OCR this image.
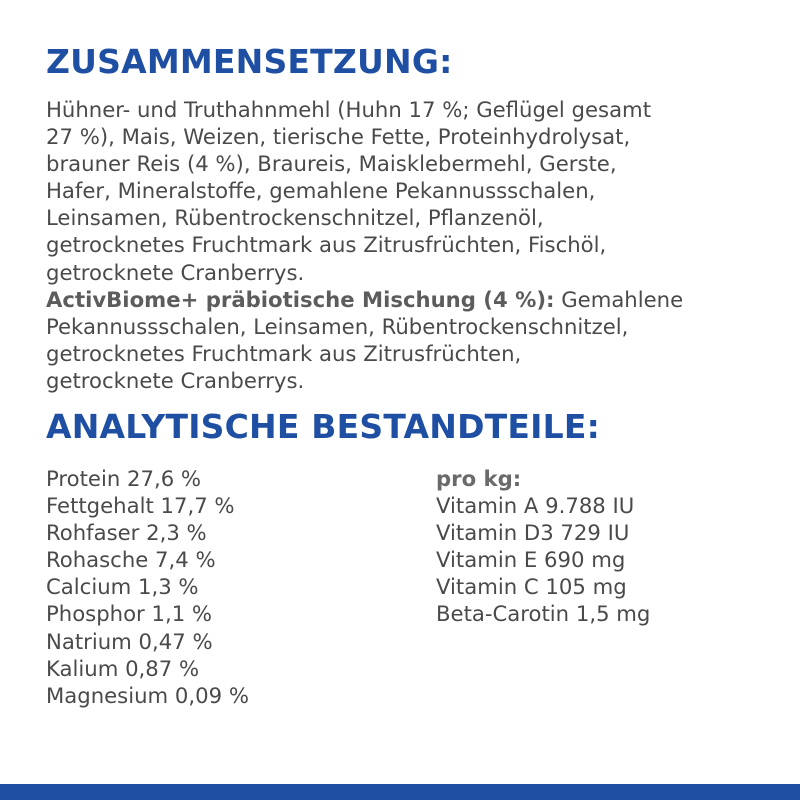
ZUSAMMENSETZUNG:
Hühner- und Truthahnmehl (Huhn 17 %; Geflügel gesamt
27 %), Mais, Weizen, tierische Fette, Proteinhydrolysat,
brauner Reis (4 %), Braureis, Maisklebermehl, Gerste,
Hafer, Mineralstoffe, gemahlene Pekannussschalen,
Leinsamen, Rübentrockenschnitzel, Pflanzenöl,
getrocknetes Fruchtmark aus Zitrusfrüchten, Fischöl,
getrocknete Cranberrys.
ActivBiome+ präbiotische Mischung (4 %): Gemahlene
Pekannussschalen, Leinsamen, Rübentrockenschnitzel,
getrocknetes Fruchtmark aus Zitrusfrüchten,
getrocknete Cranberrys.
ANALYTISCHE BESTANDTEILE:
Protein 27,6 %
Fettgehalt 17,7 %
Rohfaser 2,3 %
Rohasche 7,4 %
Calcium 1,3 %
Phosphor 1,1 %
Natrium 0,47 %
Kalium 0,87 %
Magnesium 0,09 %
pro kg:
Vitamin A 9.788 IU
Vitamin D3 729 IU
Vitamin E 690 mg
Vitamin C 105 mg
Beta-Carotin 1,5 mg
